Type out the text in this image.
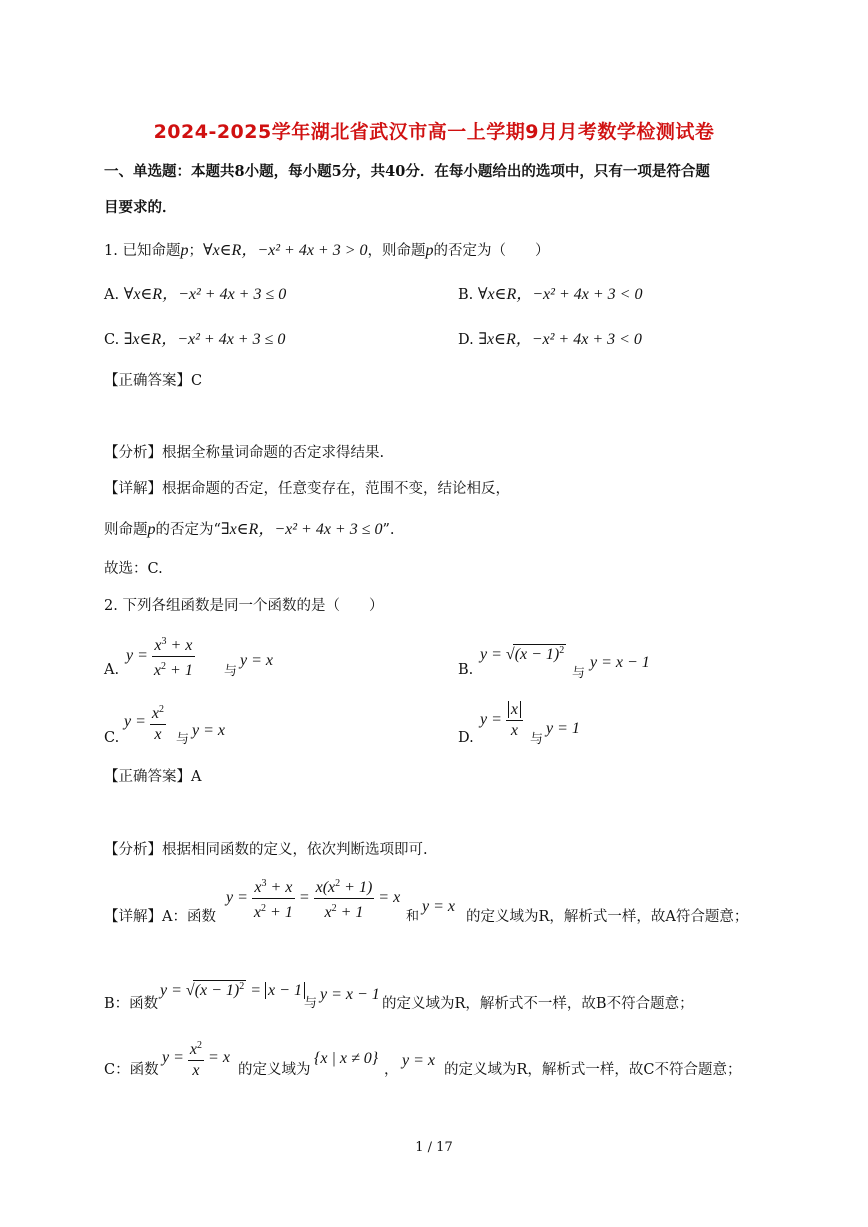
2024-2025学年湖北省武汉市高一上学期9月月考数学检测试卷
一、单选题：本题共8小题，每小题5分，共40分．在每小题给出的选项中，只有一项是符合题
目要求的．
1. 已知命题p；∀x∈R，−x² + 4x + 3 > 0，则命题p的否定为（　　）
A. ∀x∈R，−x² + 4x + 3 ≤ 0	B. ∀x∈R，−x² + 4x + 3 < 0
C. ∃x∈R，−x² + 4x + 3 ≤ 0	D. ∃x∈R，−x² + 4x + 3 < 0
【正确答案】C
【分析】根据全称量词命题的否定求得结果.
【详解】根据命题的否定，任意变存在，范围不变，结论相反，
则命题p的否定为“∃x∈R，−x² + 4x + 3 ≤ 0”.
故选：C.
2. 下列各组函数是同一个函数的是（　　）
A.
$y = \frac{x^3 + x}{x^2 + 1}$ 与
y = x
B.
$y = √(x - 1)^2$
与
y = x − 1
C.
$y = \frac{x^2}{x}$ 与
y = x	D.
$y = \frac{x}{x}$ 与
y = 1
【正确答案】A
【分析】根据相同函数的定义，依次判断选项即可.
【详解】A：函数
$y = \frac{x^3 + x}{x^2 + 1} = \frac{x(x^2 + 1)}{x^2 + 1} = x$
和
y = x
的定义域为R，解析式一样，故A符合题意；
B：函数
$y = √(x - 1)^2 = x - 1$
与
y = x − 1
的定义域为R，解析式不一样，故B不符合题意；
C：函数
$y = \frac{x^2}{x} = x$
的定义域为
{x | x ≠ 0}
，
y = x
的定义域为R，解析式一样，故C不符合题意；
1 / 17
